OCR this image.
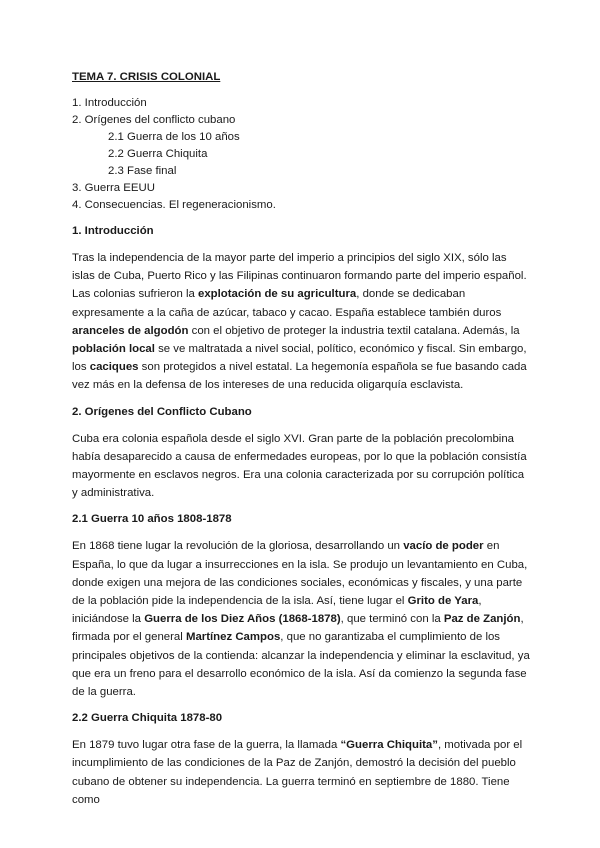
TEMA 7. CRISIS COLONIAL
1. Introducción
2. Orígenes del conflicto cubano
2.1 Guerra de los 10 años
2.2 Guerra Chiquita
2.3 Fase final
3. Guerra EEUU
4. Consecuencias. El regeneracionismo.
1. Introducción
Tras la independencia de la mayor parte del imperio a principios del siglo XIX, sólo las islas de Cuba, Puerto Rico y las Filipinas continuaron formando parte del imperio español. Las colonias sufrieron la explotación de su agricultura, donde se dedicaban expresamente a la caña de azúcar, tabaco y cacao. España establece también duros aranceles de algodón con el objetivo de proteger la industria textil catalana. Además, la población local se ve maltratada a nivel social, político, económico y fiscal. Sin embargo, los caciques son protegidos a nivel estatal. La hegemonía española se fue basando cada vez más en la defensa de los intereses de una reducida oligarquía esclavista.
2. Orígenes del Conflicto Cubano
Cuba era colonia española desde el siglo XVI. Gran parte de la población precolombina había desaparecido a causa de enfermedades europeas, por lo que la población consistía mayormente en esclavos negros. Era una colonia caracterizada por su corrupción política y administrativa.
2.1 Guerra 10 años 1808-1878
En 1868 tiene lugar la revolución de la gloriosa, desarrollando un vacío de poder en España, lo que da lugar a insurrecciones en la isla. Se produjo un levantamiento en Cuba, donde exigen una mejora de las condiciones sociales, económicas y fiscales, y una parte de la población pide la independencia de la isla. Así, tiene lugar el Grito de Yara, iniciándose la Guerra de los Diez Años (1868-1878), que terminó con la Paz de Zanjón, firmada por el general Martínez Campos, que no garantizaba el cumplimiento de los principales objetivos de la contienda: alcanzar la independencia y eliminar la esclavitud, ya que era un freno para el desarrollo económico de la isla. Así da comienzo la segunda fase de la guerra.
2.2 Guerra Chiquita 1878-80
En 1879 tuvo lugar otra fase de la guerra, la llamada “Guerra Chiquita”, motivada por el incumplimiento de las condiciones de la Paz de Zanjón, demostró la decisión del pueblo cubano de obtener su independencia. La guerra terminó en septiembre de 1880. Tiene como
